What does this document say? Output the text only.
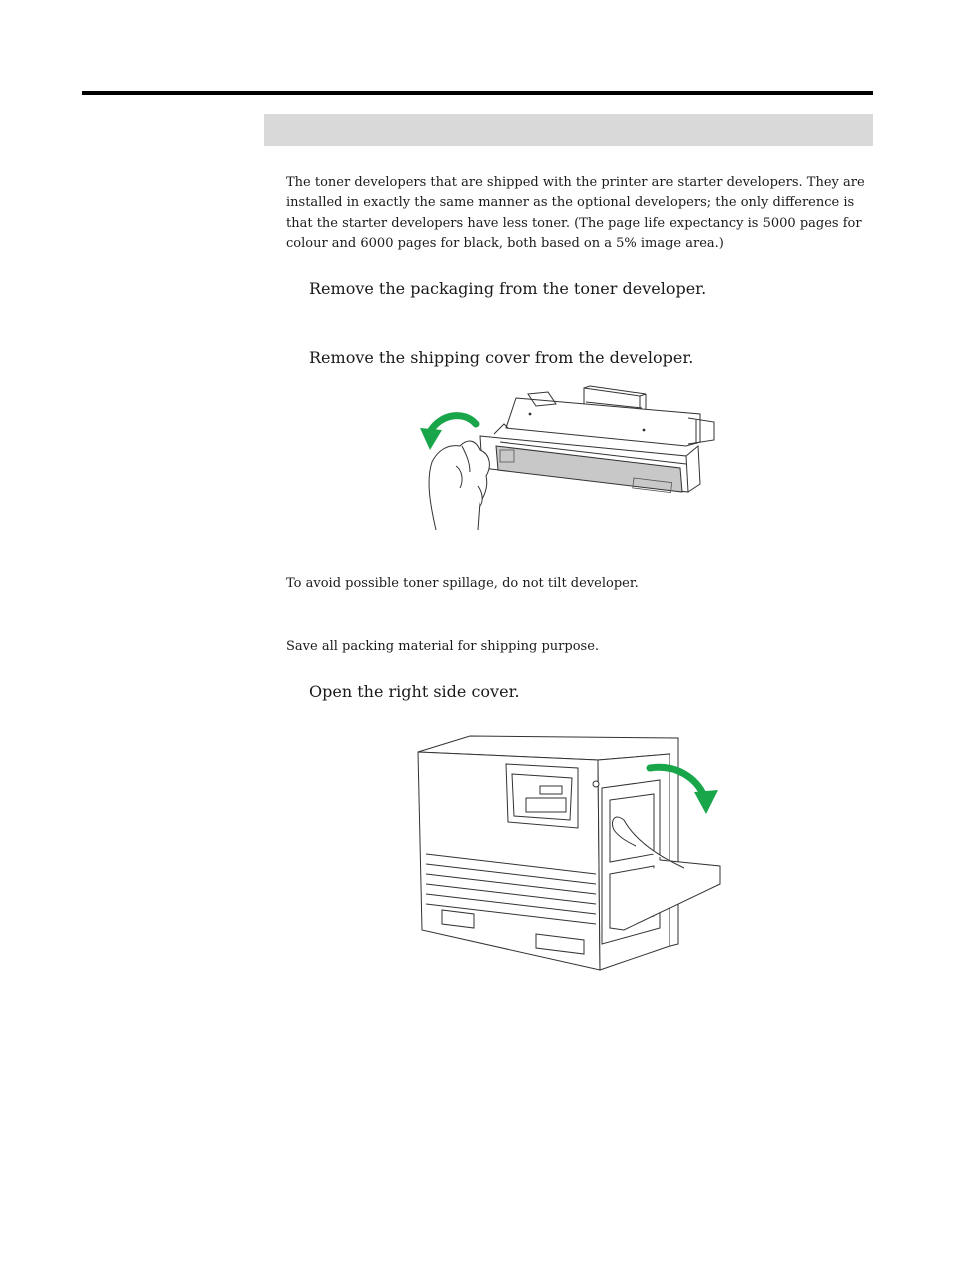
The toner developers that are shipped with the printer are starter developers. They are installed in exactly the same manner as the optional developers; the only difference is that the starter developers have less toner. (The page life expectancy is 5000 pages for colour and 6000 pages for black, both based on a 5% image area.)

Remove the packaging from the toner developer.

Remove the shipping cover from the developer.

To avoid possible toner spillage, do not tilt developer.

Save all packing material for shipping purpose.

Open the right side cover.
